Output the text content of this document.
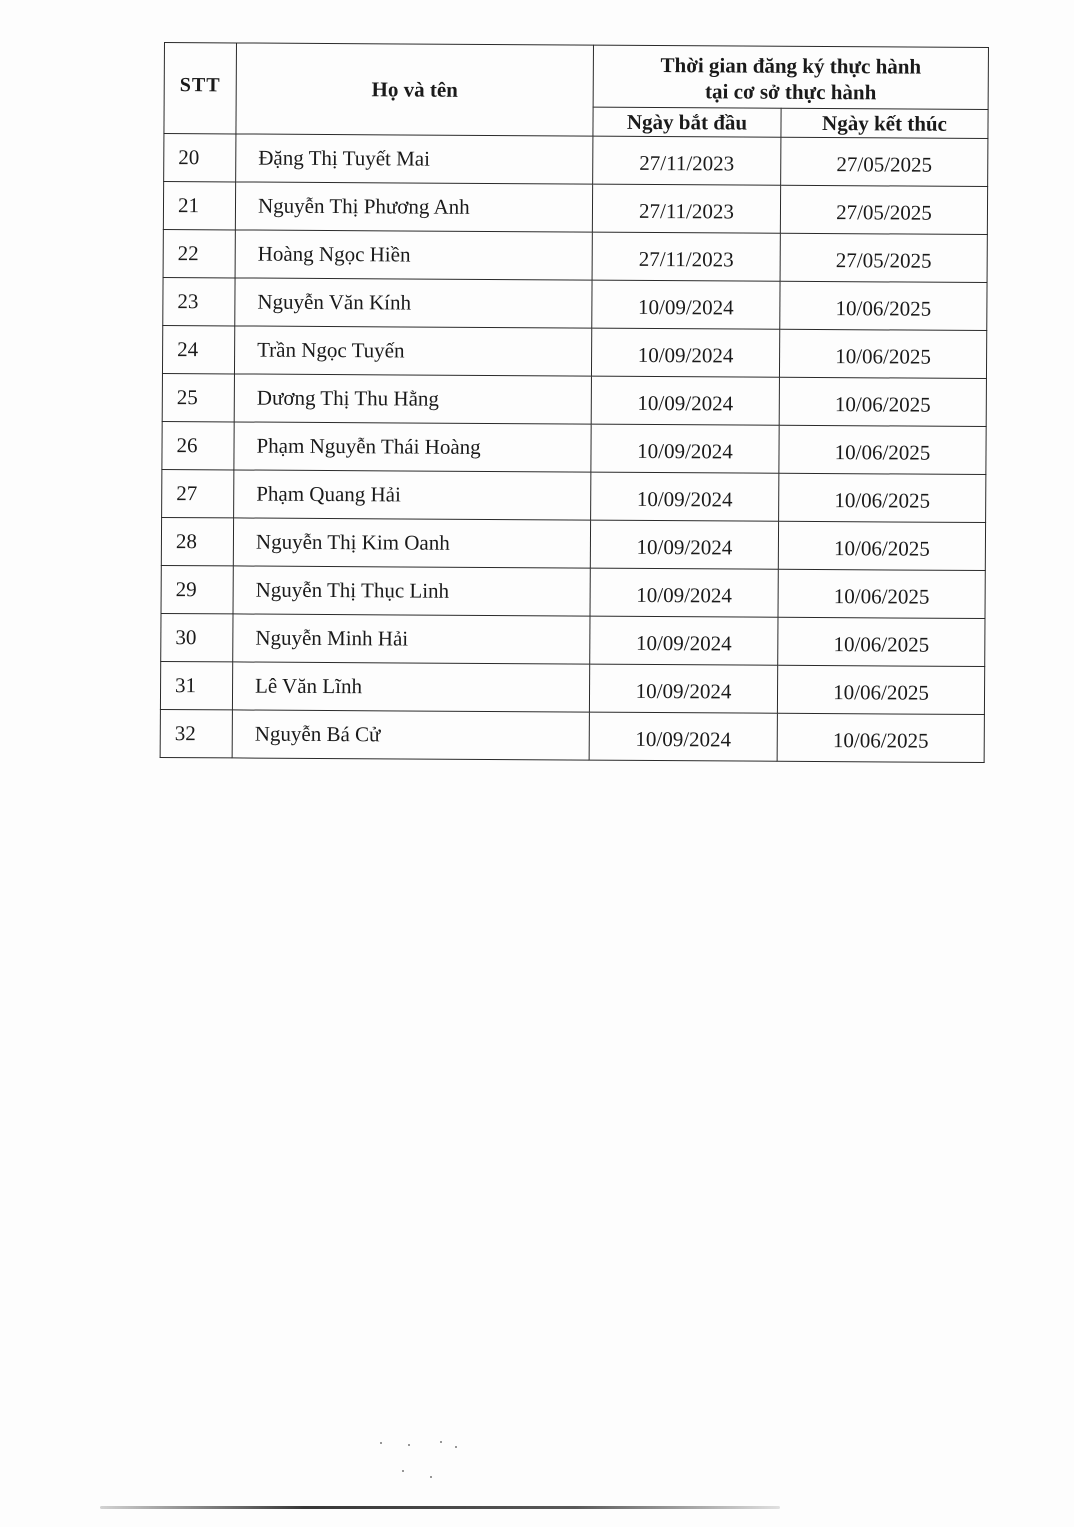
STT	Họ và tên	Thời gian đăng ký thực hành
tại cơ sở thực hành	

		Ngày bắt đầu	Ngày kết thúc
20	Đặng Thị Tuyết Mai	27/11/2023	27/05/2025
21	Nguyễn Thị Phương Anh	27/11/2023	27/05/2025
22	Hoàng Ngọc Hiền	27/11/2023	27/05/2025
23	Nguyễn Văn Kính	10/09/2024	10/06/2025
24	Trần Ngọc Tuyến	10/09/2024	10/06/2025
25	Dương Thị Thu Hằng	10/09/2024	10/06/2025
26	Phạm Nguyễn Thái Hoàng	10/09/2024	10/06/2025
27	Phạm Quang Hải	10/09/2024	10/06/2025
28	Nguyễn Thị Kim Oanh	10/09/2024	10/06/2025
29	Nguyễn Thị Thục Linh	10/09/2024	10/06/2025
30	Nguyễn Minh Hải	10/09/2024	10/06/2025
31	Lê Văn Lĩnh	10/09/2024	10/06/2025
32	Nguyễn Bá Cử	10/09/2024	10/06/2025
